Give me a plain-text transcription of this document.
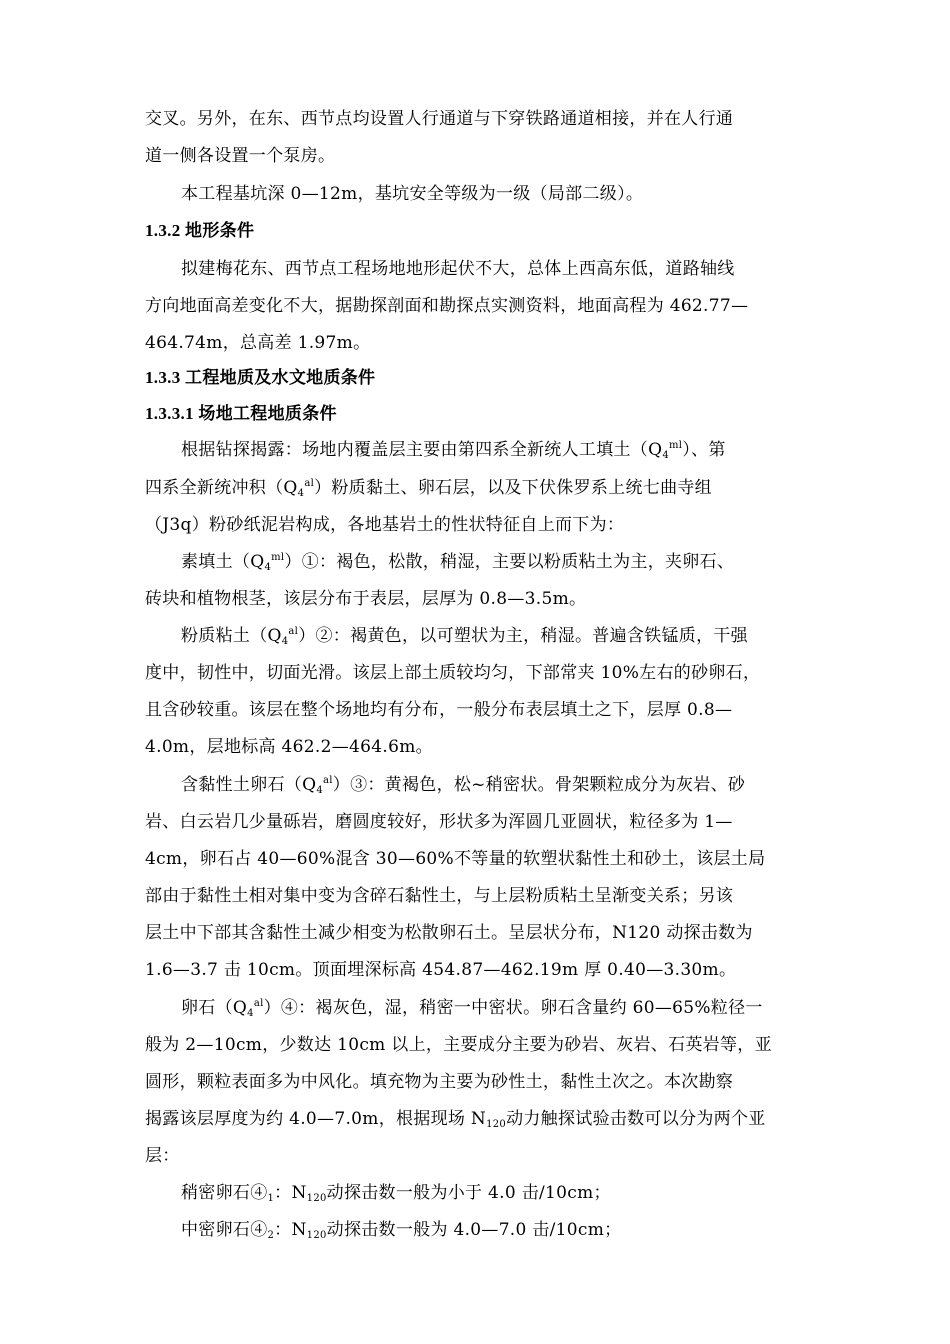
交叉。另外，在东、西节点均设置人行通道与下穿铁路通道相接，并在人行通
道一侧各设置一个泵房。
本工程基坑深 0—12m，基坑安全等级为一级（局部二级）。
1.3.2 地形条件
拟建梅花东、西节点工程场地地形起伏不大，总体上西高东低，道路轴线
方向地面高差变化不大，据勘探剖面和勘探点实测资料，地面高程为 462.77—
464.74m，总高差 1.97m。
1.3.3 工程地质及水文地质条件
1.3.3.1 场地工程地质条件
根据钻探揭露：场地内覆盖层主要由第四系全新统人工填土$(Q_4^{ml})$、第
四系全新统冲积$(Q_4^{al})$粉质黏土、卵石层，以及下伏侏罗系上统七曲寺组
（J3q）粉砂纸泥岩构成，各地基岩土的性状特征自上而下为：
素填土$(Q_4^{ml})①$：褐色，松散，稍湿，主要以粉质粘土为主，夹卵石、
砖块和植物根茎，该层分布于表层，层厚为 0.8—3.5m。
粉质粘土$(Q_4^{al})②$：褐黄色，以可塑状为主，稍湿。普遍含铁锰质，干强
度中，韧性中，切面光滑。该层上部土质较均匀，下部常夹 10%左右的砂卵石，
且含砂较重。该层在整个场地均有分布，一般分布表层填土之下，层厚 0.8—
4.0m，层地标高 462.2—464.6m。
含黏性土卵石$(Q_4^{al})③$：黄褐色，松~稍密状。骨架颗粒成分为灰岩、砂
岩、白云岩几少量砾岩，磨圆度较好，形状多为浑圆几亚圆状，粒径多为 1—
4cm，卵石占 40—60%混含 30—60%不等量的软塑状黏性土和砂土，该层土局
部由于黏性土相对集中变为含碎石黏性土，与上层粉质粘土呈渐变关系；另该
层土中下部其含黏性土减少相变为松散卵石土。呈层状分布，N120 动探击数为
1.6—3.7 击 10cm。顶面埋深标高 454.87—462.19m 厚 0.40—3.30m。
卵石$(Q_4^{al})④$：褐灰色，湿，稍密一中密状。卵石含量约 60—65%粒径一
般为 2—10cm，少数达 10cm 以上，主要成分主要为砂岩、灰岩、石英岩等，亚
圆形，颗粒表面多为中风化。填充物为主要为砂性土，黏性土次之。本次勘察
揭露该层厚度为约 4.0—7.0m，根据现场 $N_{120}$动力触探试验击数可以分为两个亚
层：
稍密卵石$④_1$：$N_{120}$动探击数一般为小于 4.0 击/10cm；
中密卵石$④_2$：$N_{120}$动探击数一般为 4.0—7.0 击/10cm；
